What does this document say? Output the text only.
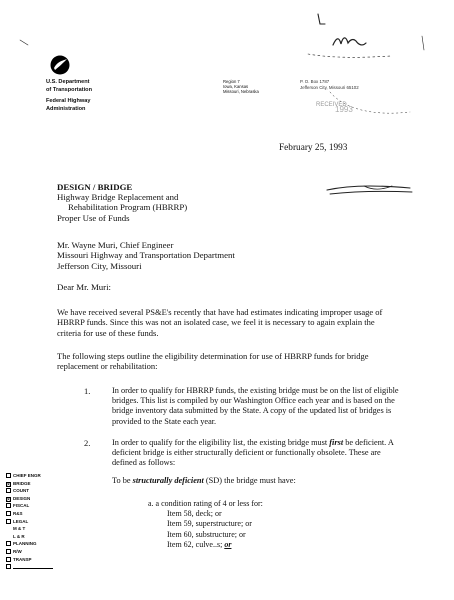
U.S. Department
of Transportation
Federal Highway
Administration
Region 7
Iowa, Kansas
Missouri, Nebraska
P. O. Box 1787
Jefferson City, Missouri 65102
February 25, 1993
DESIGN / BRIDGE
Highway Bridge Replacement and
Rehabilitation Program (HBRRP)
Proper Use of Funds
Mr. Wayne Muri, Chief Engineer
Missouri Highway and Transportation Department
Jefferson City, Missouri
Dear Mr. Muri:
We have received several PS&E's recently that have had estimates indicating improper usage of HBRRP funds. Since this was not an isolated case, we feel it is necessary to again explain the criteria for use of these funds.
The following steps outline the eligibility determination for use of HBRRP funds for bridge replacement or rehabilitation:
1.	In order to qualify for HBRRP funds, the existing bridge must be on the list of eligible bridges. This list is compiled by our Washington Office each year and is based on the bridge inventory data submitted by the State. A copy of the updated list of bridges is provided to the State each year.
2.	In order to qualify for the eligibility list, the existing bridge must first be deficient. A deficient bridge is either structurally deficient or functionally obsolete. These are defined as follows:
To be structurally deficient (SD) the bridge must have:
a. a condition rating of 4 or less for:
Item 58, deck; or
Item 59, superstructure; or
Item 60, substructure; or
Item 62, culve..s; or
CHIEF ENGR
× BRIDGE
COUNT
× DESIGN
FISCAL
R&S
LEGAL
M & T
L & R
PLANNING
R/W
TRANSP
RECEIVED
1993
